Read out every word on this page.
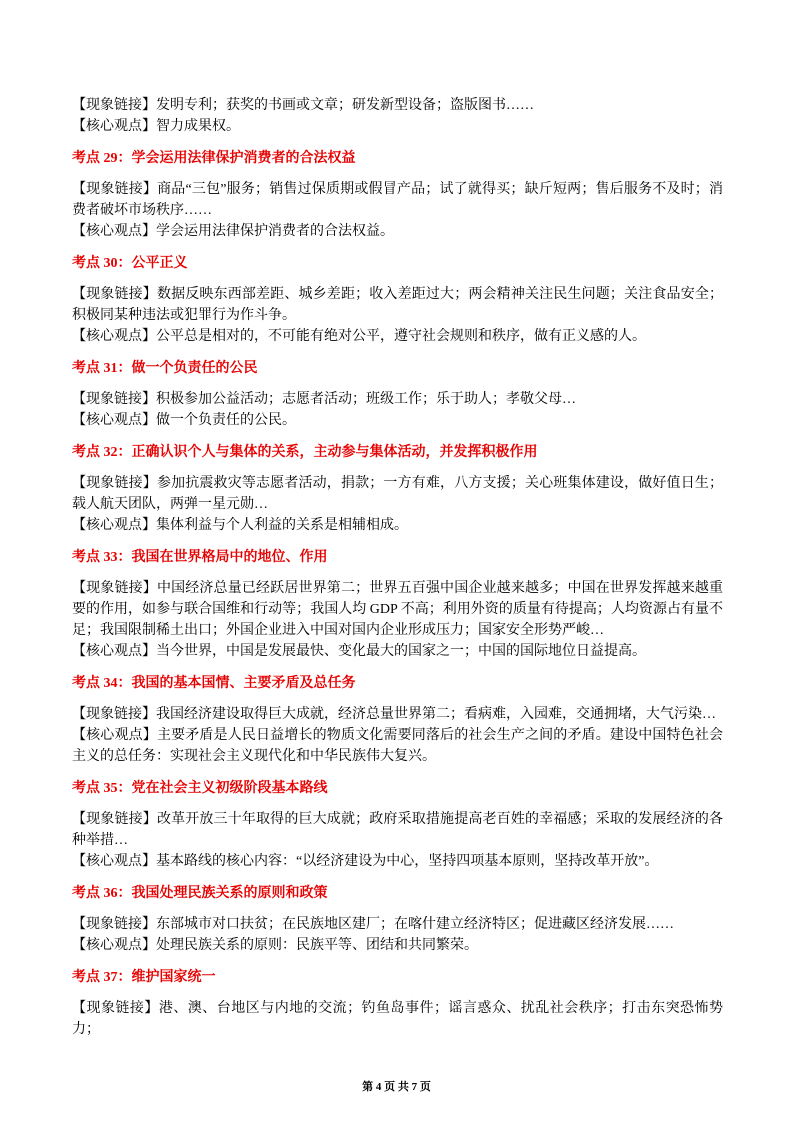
【现象链接】发明专利；获奖的书画或文章；研发新型设备；盗版图书……

【核心观点】智力成果权。

考点 29：学会运用法律保护消费者的合法权益

【现象链接】商品“三包”服务；销售过保质期或假冒产品；试了就得买；缺斤短两；售后服务不及时；消费者破坏市场秩序……

【核心观点】学会运用法律保护消费者的合法权益。

考点 30：公平正义

【现象链接】数据反映东西部差距、城乡差距；收入差距过大；两会精神关注民生问题；关注食品安全；积极同某种违法或犯罪行为作斗争。

【核心观点】公平总是相对的，不可能有绝对公平，遵守社会规则和秩序，做有正义感的人。

考点 31：做一个负责任的公民

【现象链接】积极参加公益活动；志愿者活动；班级工作；乐于助人；孝敬父母…

【核心观点】做一个负责任的公民。

考点 32：正确认识个人与集体的关系，主动参与集体活动，并发挥积极作用

【现象链接】参加抗震救灾等志愿者活动，捐款；一方有难，八方支援；关心班集体建设，做好值日生；载人航天团队，两弹一星元勋…

【核心观点】集体利益与个人利益的关系是相辅相成。

考点 33：我国在世界格局中的地位、作用

【现象链接】中国经济总量已经跃居世界第二；世界五百强中国企业越来越多；中国在世界发挥越来越重要的作用，如参与联合国维和行动等；我国人均 GDP 不高；利用外资的质量有待提高；人均资源占有量不足；我国限制稀土出口；外国企业进入中国对国内企业形成压力；国家安全形势严峻…

【核心观点】当今世界，中国是发展最快、变化最大的国家之一；中国的国际地位日益提高。

考点 34：我国的基本国情、主要矛盾及总任务

【现象链接】我国经济建设取得巨大成就，经济总量世界第二；看病难，入园难，交通拥堵，大气污染…

【核心观点】主要矛盾是人民日益增长的物质文化需要同落后的社会生产之间的矛盾。建设中国特色社会主义的总任务：实现社会主义现代化和中华民族伟大复兴。

考点 35：党在社会主义初级阶段基本路线

【现象链接】改革开放三十年取得的巨大成就；政府采取措施提高老百姓的幸福感；采取的发展经济的各种举措…

【核心观点】基本路线的核心内容：“以经济建设为中心，坚持四项基本原则，坚持改革开放”。

考点 36：我国处理民族关系的原则和政策

【现象链接】东部城市对口扶贫；在民族地区建厂；在喀什建立经济特区；促进藏区经济发展……

【核心观点】处理民族关系的原则：民族平等、团结和共同繁荣。

考点 37：维护国家统一

【现象链接】港、澳、台地区与内地的交流；钓鱼岛事件；谣言惑众、扰乱社会秩序；打击东突恐怖势力；

第 4 页 共 7 页
